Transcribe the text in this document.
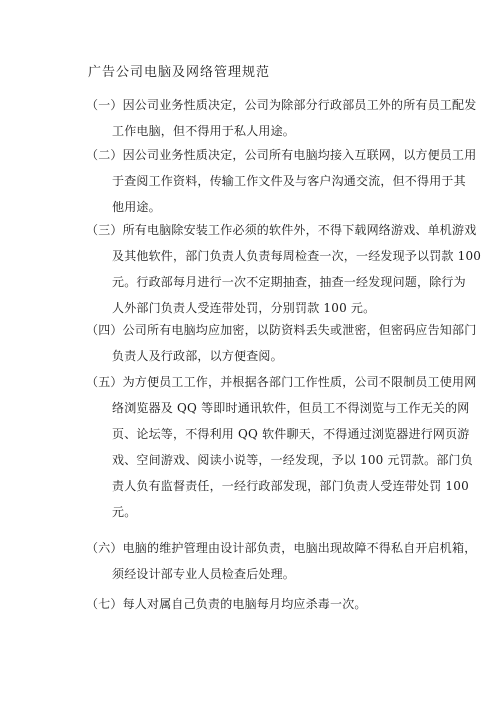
广告公司电脑及网络管理规范
（一）因公司业务性质决定，公司为除部分行政部员工外的所有员工配发
工作电脑，但不得用于私人用途。
（二）因公司业务性质决定，公司所有电脑均接入互联网，以方便员工用
于查阅工作资料，传输工作文件及与客户沟通交流，但不得用于其
他用途。
（三）所有电脑除安装工作必须的软件外，不得下载网络游戏、单机游戏
及其他软件，部门负责人负责每周检查一次，一经发现予以罚款 100
元。行政部每月进行一次不定期抽查，抽查一经发现问题，除行为
人外部门负责人受连带处罚，分别罚款 100 元。
（四）公司所有电脑均应加密，以防资料丢失或泄密，但密码应告知部门
负责人及行政部，以方便查阅。
（五）为方便员工工作，并根据各部门工作性质，公司不限制员工使用网
络浏览器及 QQ 等即时通讯软件，但员工不得浏览与工作无关的网
页、论坛等，不得利用 QQ 软件聊天，不得通过浏览器进行网页游
戏、空间游戏、阅读小说等，一经发现，予以 100 元罚款。部门负
责人负有监督责任，一经行政部发现，部门负责人受连带处罚 100
元。
（六）电脑的维护管理由设计部负责，电脑出现故障不得私自开启机箱，
须经设计部专业人员检查后处理。
（七）每人对属自己负责的电脑每月均应杀毒一次。
